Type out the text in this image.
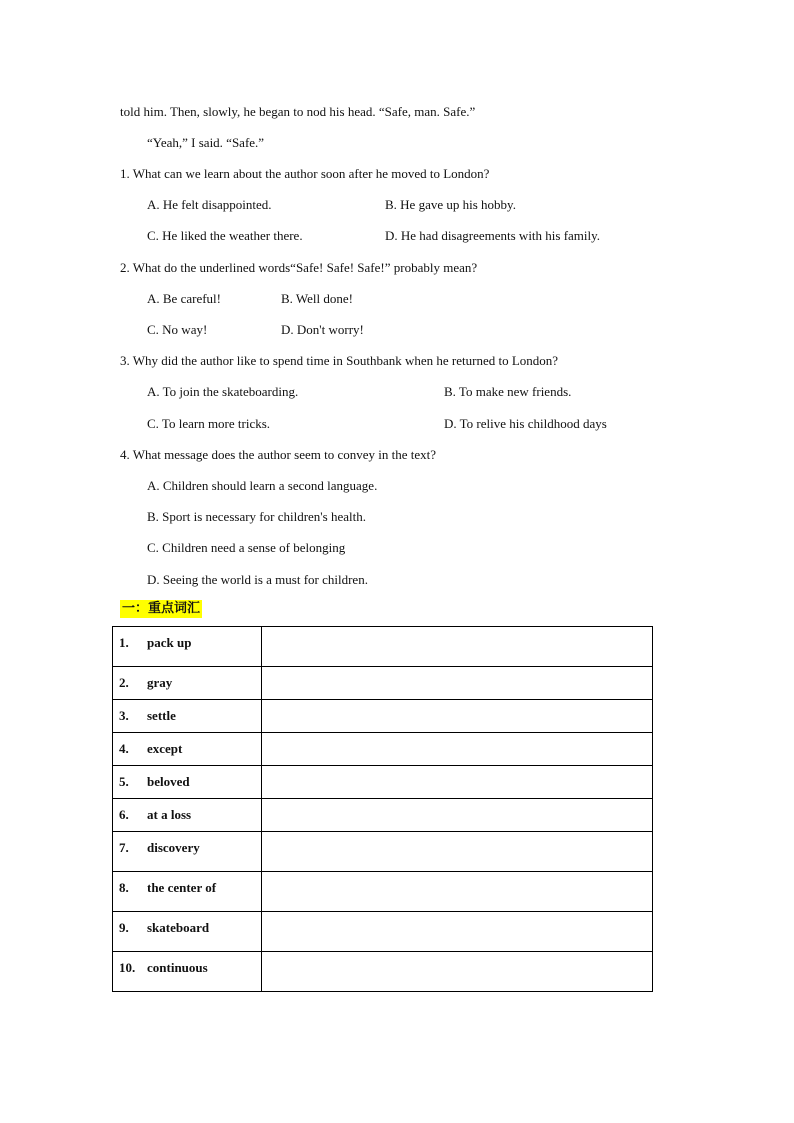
told him. Then, slowly, he began to nod his head. “Safe, man. Safe.”
“Yeah,” I said. “Safe.”
1. What can we learn about the author soon after he moved to London?
A. He felt disappointed.	B. He gave up his hobby.
C. He liked the weather there.	D. He had disagreements with his family.
2. What do the underlined words“Safe! Safe! Safe!” probably mean?
A. Be careful!	B. Well done!
C. No way!	D. Don't worry!
3. Why did the author like to spend time in Southbank when he returned to London?
A. To join the skateboarding.	B. To make new friends.
C. To learn more tricks.	D. To relive his childhood days
4. What message does the author seem to convey in the text?
A. Children should learn a second language.
B. Sport is necessary for children's health.
C. Children need a sense of belonging
D. Seeing the world is a must for children.
一：重点词汇
1. pack up	

2. gray	

3. settle	

4. except	

5. beloved	

6. at a loss	

7. discovery	

8. the center of	

9. skateboard	

10. continuous	
